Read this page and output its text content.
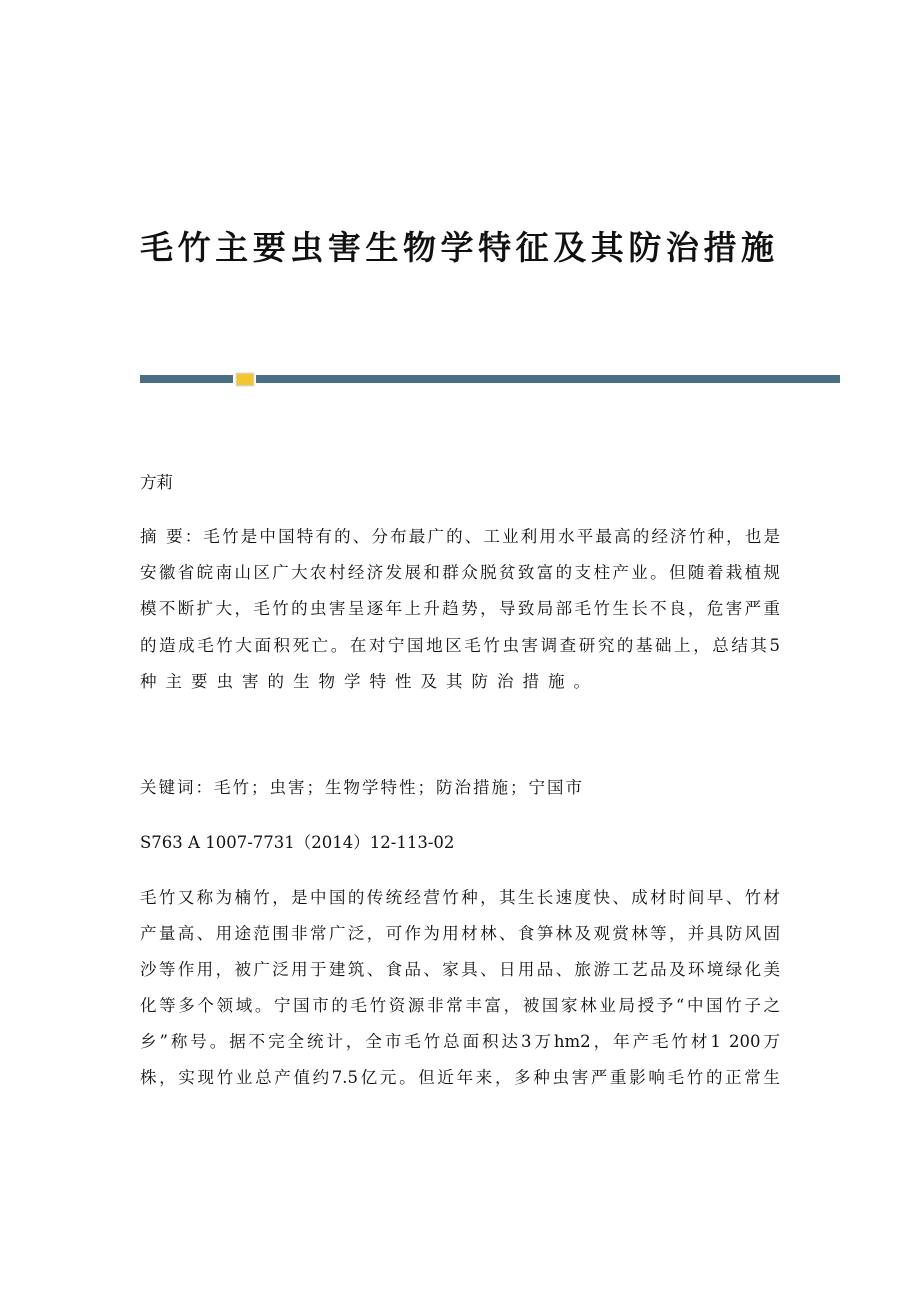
毛竹主要虫害生物学特征及其防治措施
方莉
摘 要：毛竹是中国特有的、分布最广的、工业利用水平最高的经济竹种，也是
安徽省皖南山区广大农村经济发展和群众脱贫致富的支柱产业。但随着栽植规
模不断扩大，毛竹的虫害呈逐年上升趋势，导致局部毛竹生长不良，危害严重
的造成毛竹大面积死亡。在对宁国地区毛竹虫害调查研究的基础上，总结其5
种主要虫害的生物学特性及其防治措施。
关键词：毛竹；虫害；生物学特性；防治措施；宁国市
S763 A 1007-7731（2014）12-113-02
毛竹又称为楠竹，是中国的传统经营竹种，其生长速度快、成材时间早、竹材
产量高、用途范围非常广泛，可作为用材林、食笋林及观赏林等，并具防风固
沙等作用，被广泛用于建筑、食品、家具、日用品、旅游工艺品及环境绿化美
化等多个领域。宁国市的毛竹资源非常丰富，被国家林业局授予“中国竹子之
乡”称号。据不完全统计，全市毛竹总面积达3万hm2，年产毛竹材1 200万
株，实现竹业总产值约7.5亿元。但近年来，多种虫害严重影响毛竹的正常生
